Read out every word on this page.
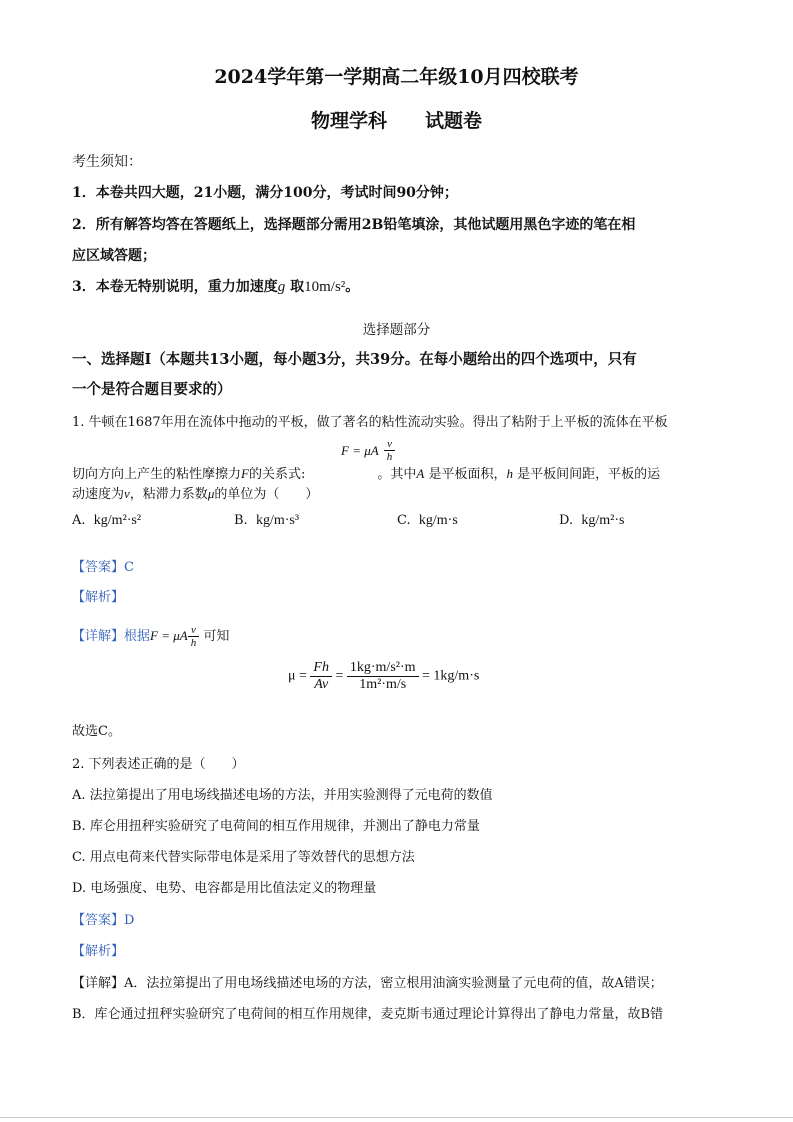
2024学年第一学期高二年级10月四校联考
物理学科 试题卷
考生须知：
1．本卷共四大题，21小题，满分100分，考试时间90分钟；
2．所有解答均答在答题纸上，选择题部分需用2B铅笔填涂，其他试题用黑色字迹的笔在相
应区域答题；
3．本卷无特别说明，重力加速度g 取10m/s²。
选择题部分
一、选择题Ⅰ（本题共13小题，每小题3分，共39分。在每小题给出的四个选项中，只有
一个是符合题目要求的）
1. 牛顿在1687年用在流体中拖动的平板，做了著名的粘性流动实验。得出了粘附于上平板的流体在平板
F = μA $\frac{v}{h}$
切向方向上产生的粘性摩擦力F的关系式:	。其中A 是平板面积，h 是平板间间距，平板的运
动速度为v，粘滞力系数μ的单位为（　　）
A. kg/m²·s²	B. kg/m·s³	C. kg/m·s	D. kg/m²·s
【答案】C
【解析】
【详解】根据F = μA $\frac{v}{h}$ 可知
$\mu = \frac{Fh}{Av} = \frac{\text{1kg·m/s²·m}}{\text{1m²·m/s}} = 1kg/m\cdot s$
故选C。
2. 下列表述正确的是（　　）
A. 法拉第提出了用电场线描述电场的方法，并用实验测得了元电荷的数值
B. 库仑用扭秤实验研究了电荷间的相互作用规律，并测出了静电力常量
C. 用点电荷来代替实际带电体是采用了等效替代的思想方法
D. 电场强度、电势、电容都是用比值法定义的物理量
【答案】D
【解析】
【详解】A．法拉第提出了用电场线描述电场的方法，密立根用油滴实验测量了元电荷的值，故A错误；
B．库仑通过扭秤实验研究了电荷间的相互作用规律，麦克斯韦通过理论计算得出了静电力常量，故B错
